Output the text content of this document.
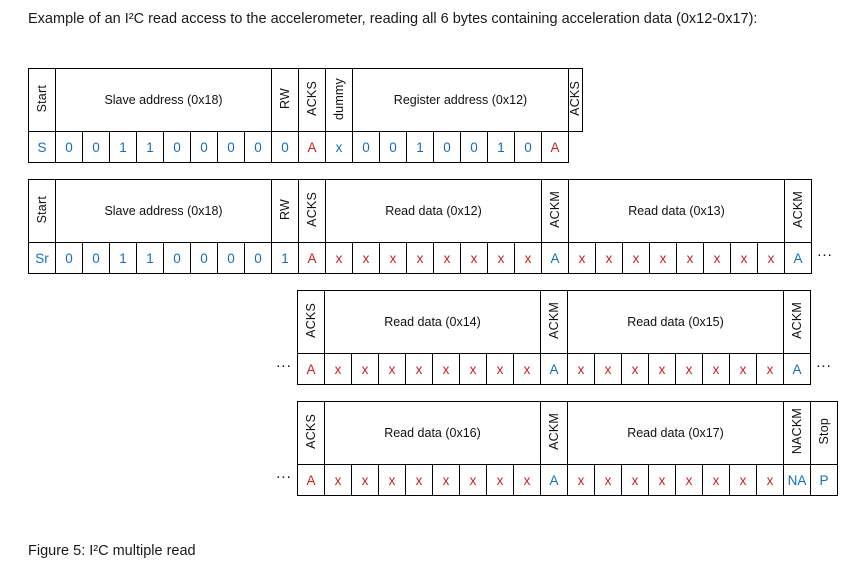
Example of an I²C read access to the accelerometer, reading all 6 bytes containing acceleration data (0x12-0x17):
Start	Slave address (0x18)								RW	ACKS	dummy	Register address (0x12)								ACKS
S	0	0	1	1	0	0	0	0	0	A	x	0	0	1	0	0	1	0	A	
Start	Slave address (0x18)								RW	ACKS	Read data (0x12)								ACKM	Read data (0x13)								ACKM
Sr	0	0	1	1	0	0	0	0	1	A	x	x	x	x	x	x	x	x	A	x	x	x	x	x	x	x	x	A ...
...
ACKS	Read data (0x14)								ACKM	Read data (0x15)								ACKM
A	x	x	x	x	x	x	x	x	A	x	x	x	x	x	x	x	x	A ...
...
ACKS	Read data (0x16)								ACKM	Read data (0x17)								NACKM	Stop
A	x	x	x	x	x	x	x	x	A	x	x	x	x	x	x	x	x	NA	P
Figure 5: I²C multiple read
